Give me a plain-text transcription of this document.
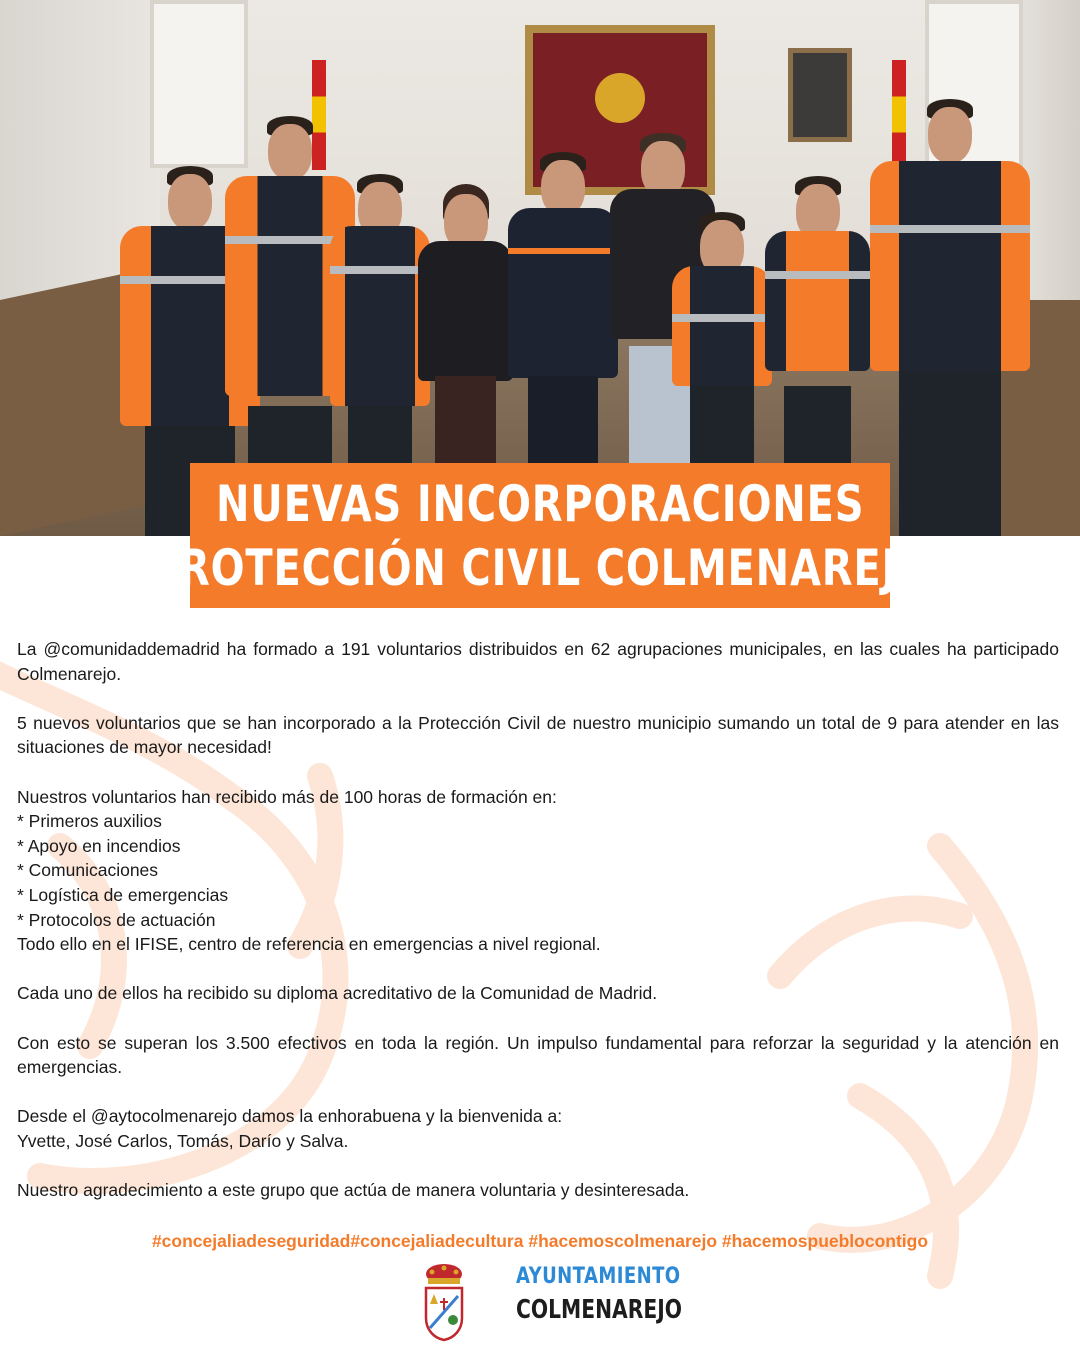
NUEVAS INCORPORACIONES
PROTECCIÓN CIVIL COLMENAREJO

La @comunidaddemadrid ha formado a 191 voluntarios distribuidos en 62 agrupaciones municipales, en las cuales ha participado Colmenarejo.

5 nuevos voluntarios que se han incorporado a la Protección Civil de nuestro municipio sumando un total de 9 para atender en las situaciones de mayor necesidad!

Nuestros voluntarios han recibido más de 100 horas de formación en:

* Primeros auxilios
* Apoyo en incendios
* Comunicaciones
* Logística de emergencias
* Protocolos de actuación

Todo ello en el IFISE, centro de referencia en emergencias a nivel regional.

Cada uno de ellos ha recibido su diploma acreditativo de la Comunidad de Madrid.

Con esto se superan los 3.500 efectivos en toda la región. Un impulso fundamental para reforzar la seguridad y la atención en emergencias.

Desde el @aytocolmenarejo damos la enhorabuena y la bienvenida a:

Yvette, José Carlos, Tomás, Darío y Salva.

Nuestro agradecimiento a este grupo que actúa de manera voluntaria y desinteresada.

#concejaliadeseguridad#concejaliadecultura #hacemoscolmenarejo #hacemospueblocontigo
AYUNTAMIENTO
COLMENAREJO
